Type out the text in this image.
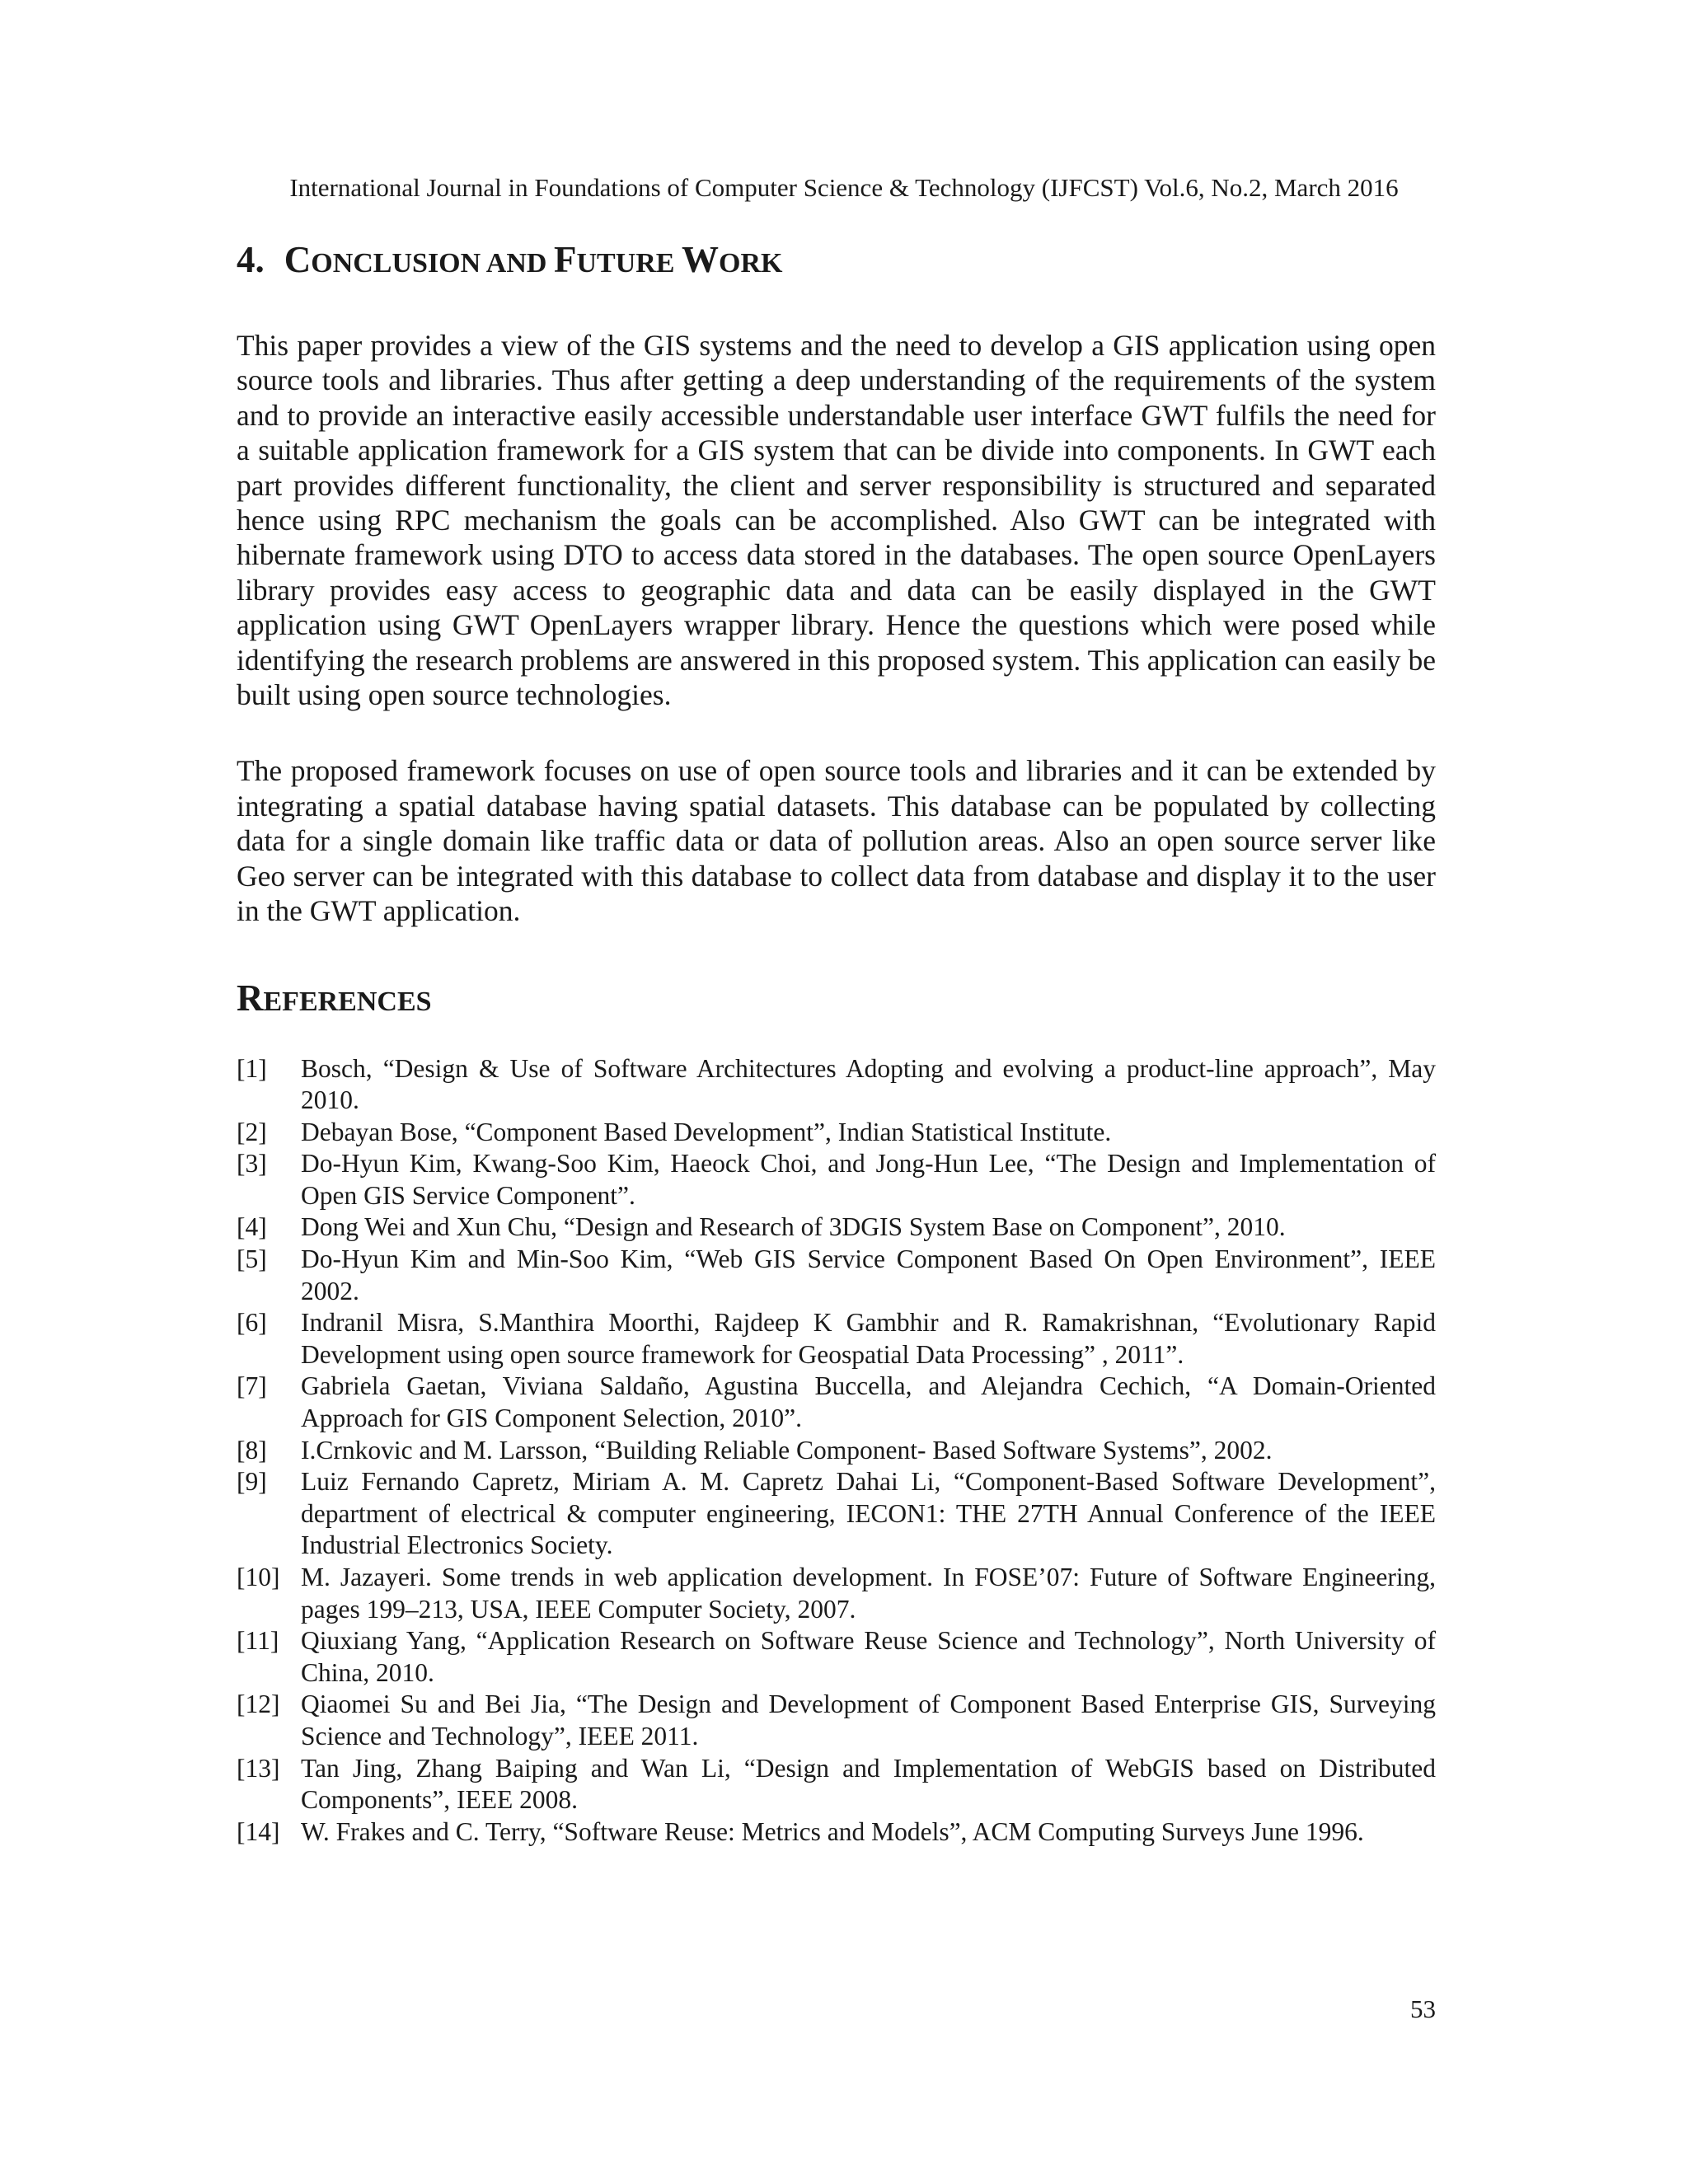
International Journal in Foundations of Computer Science & Technology (IJFCST) Vol.6, No.2, March 2016
4. CONCLUSION AND FUTURE WORK

This paper provides a view of the GIS systems and the need to develop a GIS application using open source tools and libraries. Thus after getting a deep understanding of the requirements of the system and to provide an interactive easily accessible understandable user interface GWT fulfils the need for a suitable application framework for a GIS system that can be divide into components. In GWT each part provides different functionality, the client and server responsibility is structured and separated hence using RPC mechanism the goals can be accomplished. Also GWT can be integrated with hibernate framework using DTO to access data stored in the databases. The open source OpenLayers library provides easy access to geographic data and data can be easily displayed in the GWT application using GWT OpenLayers wrapper library. Hence the questions which were posed while identifying the research problems are answered in this proposed system. This application can easily be built using open source technologies.

The proposed framework focuses on use of open source tools and libraries and it can be extended by integrating a spatial database having spatial datasets. This database can be populated by collecting data for a single domain like traffic data or data of pollution areas. Also an open source server like Geo server can be integrated with this database to collect data from database and display it to the user in the GWT application.

REFERENCES
[1]	Bosch, “Design & Use of Software Architectures Adopting and evolving a product-line approach”, May 2010.
[2]	Debayan Bose, “Component Based Development”, Indian Statistical Institute.
[3]	Do-Hyun Kim, Kwang-Soo Kim, Haeock Choi, and Jong-Hun Lee, “The Design and Implementation of Open GIS Service Component”.
[4]	Dong Wei and Xun Chu, “Design and Research of 3DGIS System Base on Component”, 2010.
[5]	Do-Hyun Kim and Min-Soo Kim, “Web GIS Service Component Based On Open Environment”, IEEE 2002.
[6]	Indranil Misra, S.Manthira Moorthi, Rajdeep K Gambhir and R. Ramakrishnan, “Evolutionary Rapid Development using open source framework for Geospatial Data Processing” , 2011”.
[7]	Gabriela Gaetan, Viviana Saldaño, Agustina Buccella, and Alejandra Cechich, “A Domain-Oriented Approach for GIS Component Selection, 2010”.
[8]	I.Crnkovic and M. Larsson, “Building Reliable Component- Based Software Systems”, 2002.
[9]	Luiz Fernando Capretz, Miriam A. M. Capretz Dahai Li, “Component-Based Software Development”, department of electrical & computer engineering, IECON1: THE 27TH Annual Conference of the IEEE Industrial Electronics Society.
[10] M. Jazayeri. Some trends in web application development. In FOSE’07: Future of Software Engineering, pages 199–213, USA, IEEE Computer Society, 2007.
[11] Qiuxiang Yang, “Application Research on Software Reuse Science and Technology”, North University of China, 2010.
[12] Qiaomei Su and Bei Jia, “The Design and Development of Component Based Enterprise GIS, Surveying Science and Technology”, IEEE 2011.
[13] Tan Jing, Zhang Baiping and Wan Li, “Design and Implementation of WebGIS based on Distributed Components”, IEEE 2008.
[14] W. Frakes and C. Terry, “Software Reuse: Metrics and Models”, ACM Computing Surveys June 1996.
53
